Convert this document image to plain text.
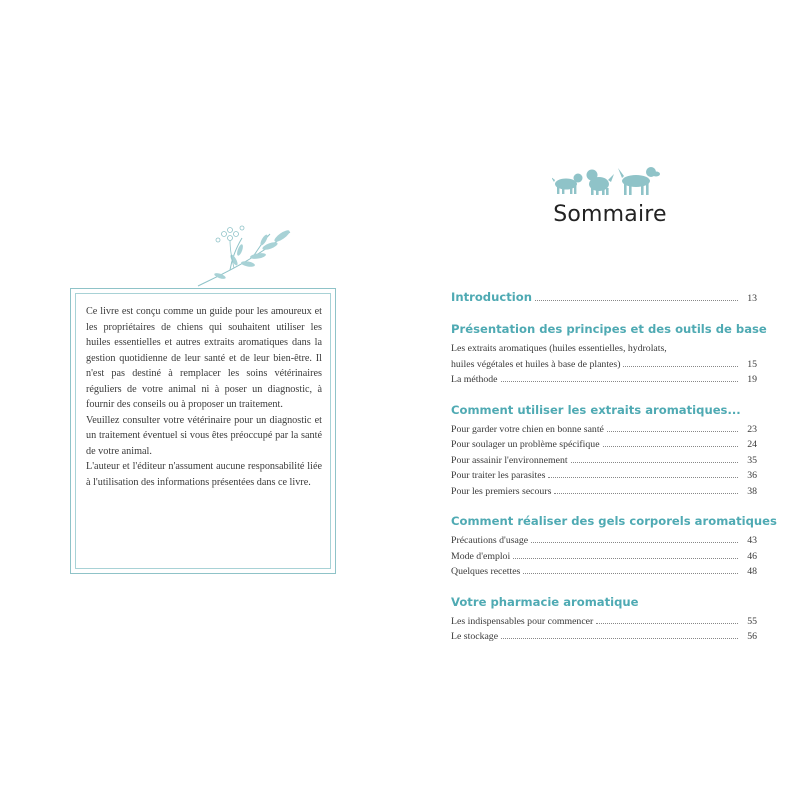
Ce livre est conçu comme un guide pour les amoureux et les propriétaires de chiens qui souhaitent utiliser les huiles essentielles et autres extraits aromatiques dans la gestion quotidienne de leur santé et de leur bien-être. Il n'est pas destiné à remplacer les soins vétérinaires réguliers de votre animal ni à poser un diagnostic, à fournir des conseils ou à proposer un traitement.

Veuillez consulter votre vétérinaire pour un diagnostic et un traitement éventuel si vous êtes préoccupé par la santé de votre animal.

L'auteur et l'éditeur n'assument aucune responsabilité liée à l'utilisation des informations présentées dans ce livre.

Sommaire
Introduction	13
Présentation des principes et des outils de base
Les extraits aromatiques (huiles essentielles, hydrolats,
huiles végétales et huiles à base de plantes)	15
La méthode	19
Comment utiliser les extraits aromatiques...
Pour garder votre chien en bonne santé	23
Pour soulager un problème spécifique	24
Pour assainir l'environnement	35
Pour traiter les parasites	36
Pour les premiers secours	38
Comment réaliser des gels corporels aromatiques
Précautions d'usage	43
Mode d'emploi	46
Quelques recettes	48
Votre pharmacie aromatique
Les indispensables pour commencer	55
Le stockage	56
